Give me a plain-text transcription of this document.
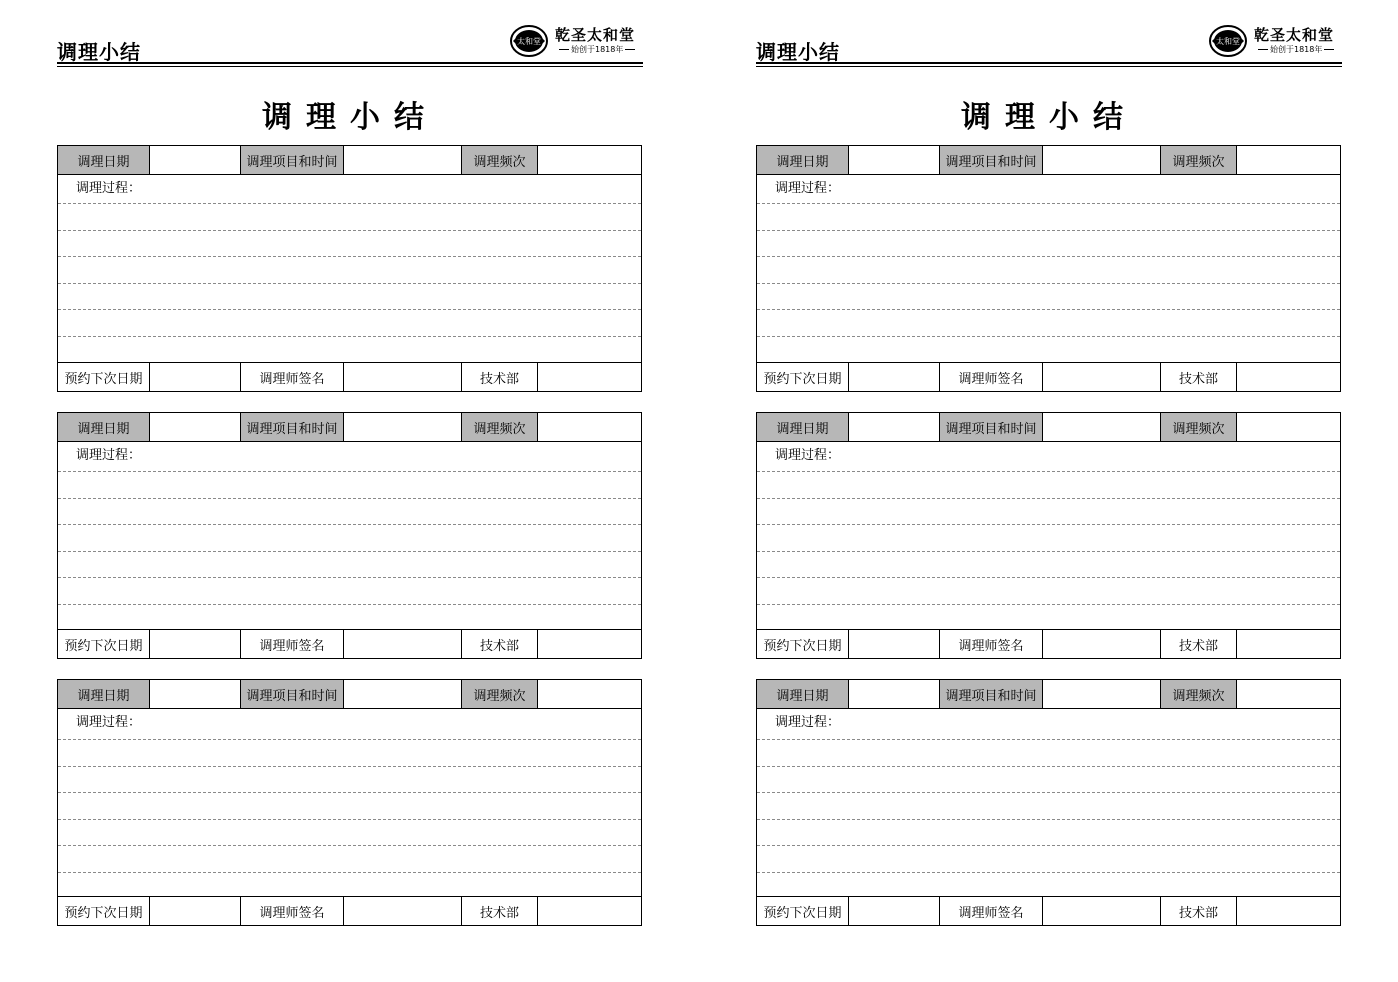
调理小结	太和堂 乾圣太和堂
始创于1818年
调理小结
调理日期	调理项目和时间	调理频次
调理过程：
预约下次日期	调理师签名	技术部
调理日期	调理项目和时间	调理频次
调理过程：
预约下次日期	调理师签名	技术部
调理日期	调理项目和时间	调理频次
调理过程：
预约下次日期	调理师签名	技术部
调理小结	太和堂 乾圣太和堂
始创于1818年
调理小结
调理日期	调理项目和时间	调理频次
调理过程：
预约下次日期	调理师签名	技术部
调理日期	调理项目和时间	调理频次
调理过程：
预约下次日期	调理师签名	技术部
调理日期	调理项目和时间	调理频次
调理过程：
预约下次日期	调理师签名	技术部
